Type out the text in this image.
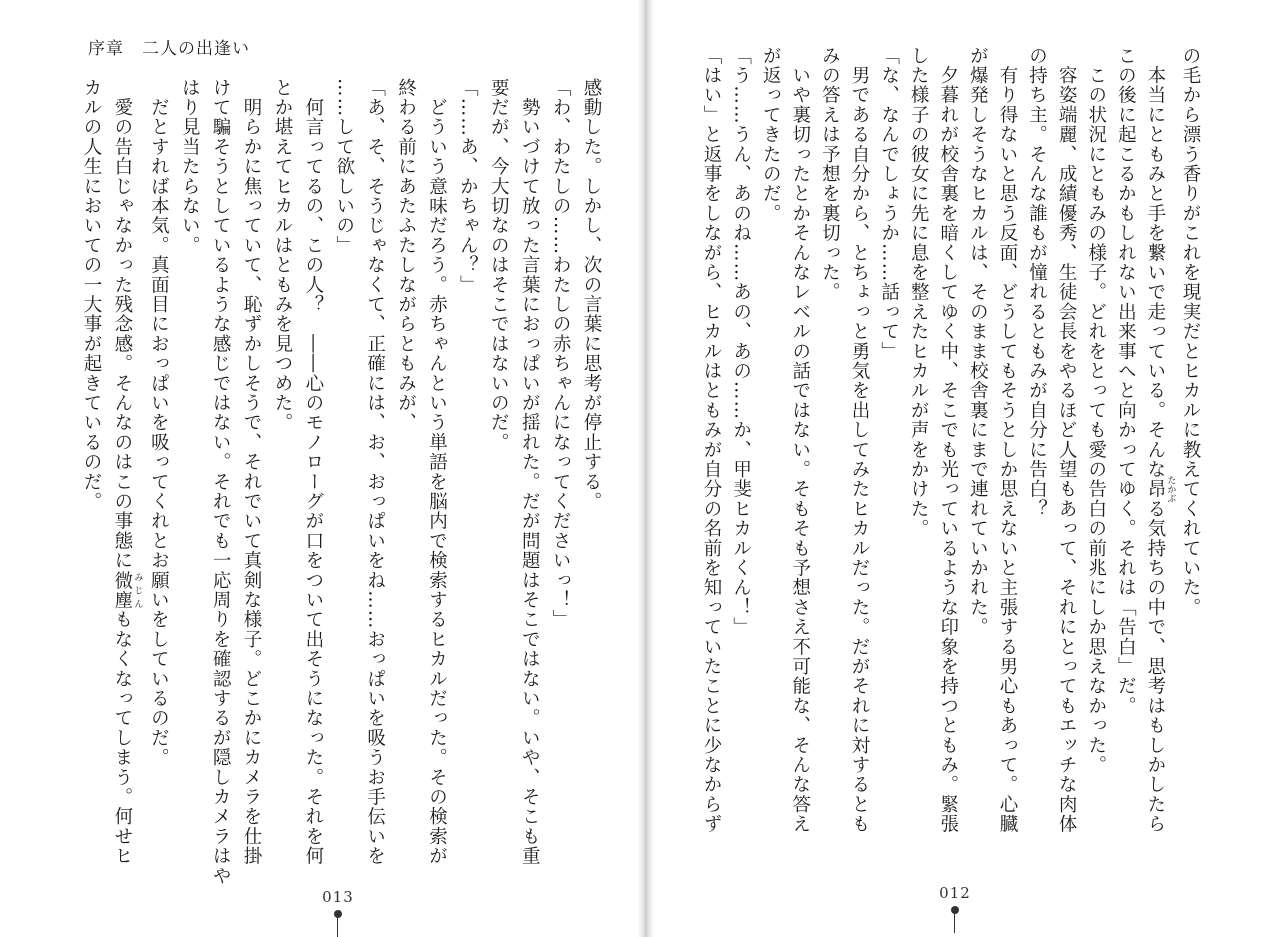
序章　二人の出逢い

感動した。しかし、次の言葉に思考が停止する。

「わ、わたしの……わたしの赤ちゃんになってくださいっ！」

　勢いづけて放った言葉におっぱいが揺れた。だが問題はそこではない。いや、そこも重

要だが、今大切なのはそこではないのだ。

「……あ、かちゃん？」

　どういう意味だろう。赤ちゃんという単語を脳内で検索するヒカルだった。その検索が

終わる前にあたふたしながらともみが、

「あ、そ、そうじゃなくて、正確には、お、おっぱいをね……おっぱいを吸うお手伝いを

……して欲しいの」

　何言ってるの、この人？　――心のモノローグが口をついて出そうになった。それを何

とか堪えてヒカルはともみを見つめた。

　明らかに焦っていて、恥ずかしそうで、それでいて真剣な様子。どこかにカメラを仕掛

けて騙そうとしているような感じではない。それでも一応周りを確認するが隠しカメラはや

はり見当たらない。

　だとすれば本気。真面目におっぱいを吸ってくれとお願いをしているのだ。

　愛の告白じゃなかった残念感。そんなのはこの事態に微塵 みじんもなくなってしまう。何せヒ

カルの人生においての一大事が起きているのだ。	の毛から漂う香りがこれを現実だとヒカルに教えてくれていた。

　本当にともみと手を繋いで走っている。そんな昂 たかぶる気持ちの中で、思考はもしかしたら

この後に起こるかもしれない出来事へと向かってゆく。それは「告白」だ。

　この状況にともみの様子。どれをとっても愛の告白の前兆にしか思えなかった。

　容姿端麗、成績優秀、生徒会長をやるほど人望もあって、それにとってもエッチな肉体

の持ち主。そんな誰もが憧れるともみが自分に告白？

　有り得ないと思う反面、どうしてもそうとしか思えないと主張する男心もあって。心臓

が爆発しそうなヒカルは、そのまま校舎裏にまで連れていかれた。

　夕暮れが校舎裏を暗くしてゆく中、そこでも光っているような印象を持つともみ。緊張

した様子の彼女に先に息を整えたヒカルが声をかけた。

「な、なんでしょうか……話って」

　男である自分から、とちょっと勇気を出してみたヒカルだった。だがそれに対するとも

みの答えは予想を裏切った。

　いや裏切ったとかそんなレベルの話ではない。そもそも予想さえ不可能な、そんな答え

が返ってきたのだ。

「う……うん、あのね……あの、あの……か、甲斐ヒカルくん！」

「はい」と返事をしながら、ヒカルはともみが自分の名前を知っていたことに少なからず

013	012
